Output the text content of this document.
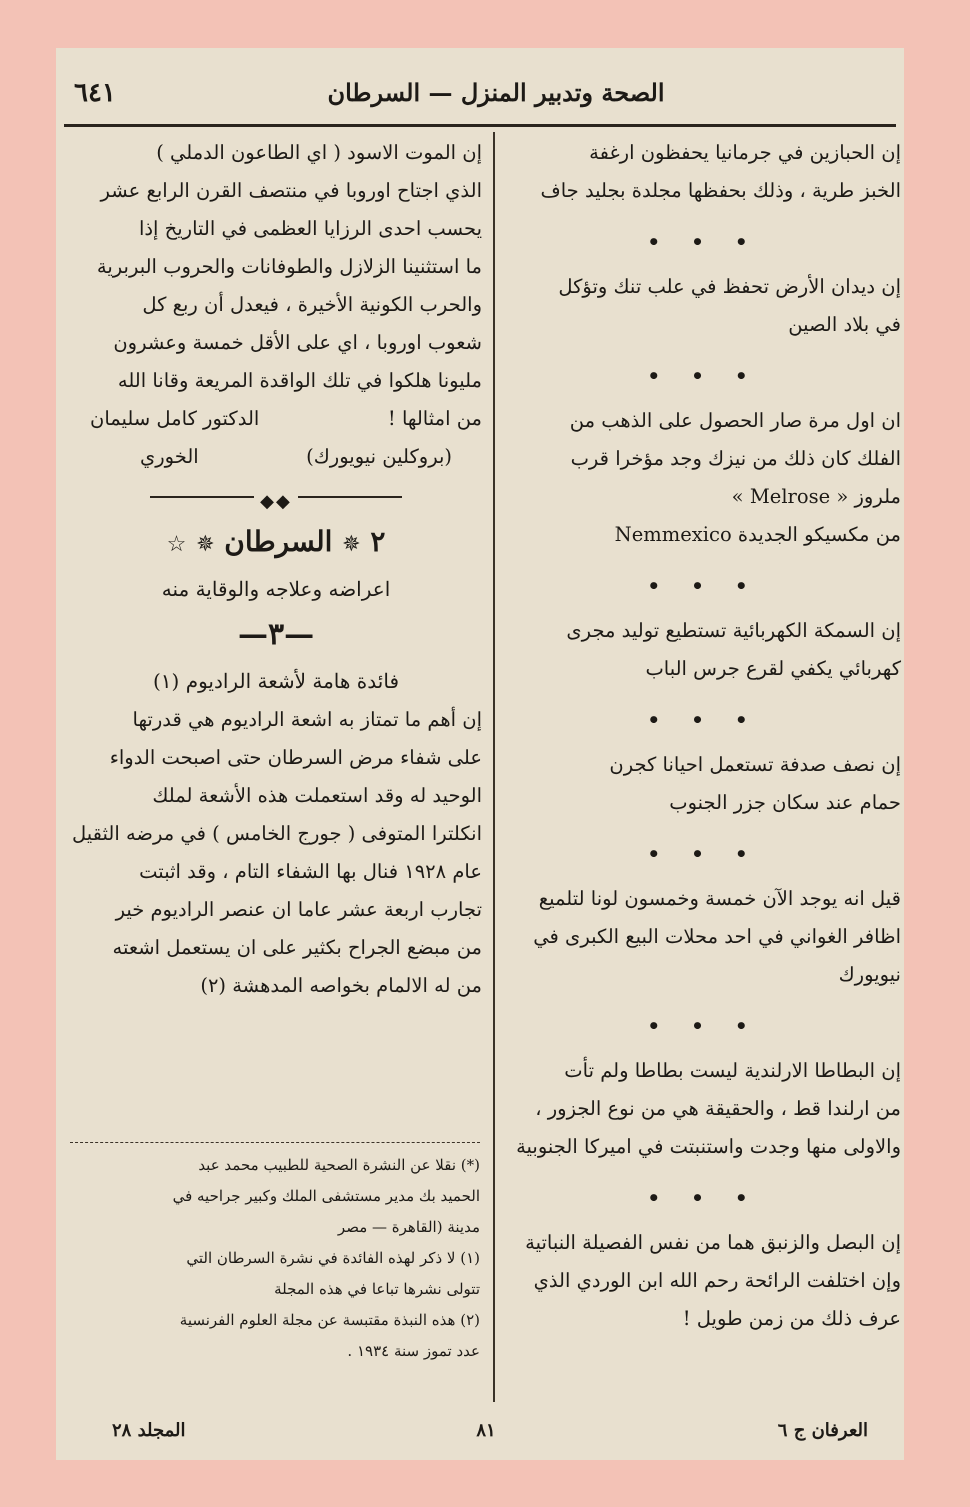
٦٤١	الصحة وتدبير المنزل — السرطان

إن الحبازين في جرمانيا يحفظون ارغفة

الخبز طرية ، وذلك بحفظها مجلدة بجليد جاف

• • •

إن ديدان الأرض تحفظ في علب تنك وتؤكل

في بلاد الصين

• • •

ان اول مرة صار الحصول على الذهب من

الفلك كان ذلك من نيزك وجد مؤخرا قرب

ملروز « Melrose »

من مكسيكو الجديدة Nemmexico

• • •

إن السمكة الكهربائية تستطيع توليد مجرى

كهربائي يكفي لقرع جرس الباب

• • •

إن نصف صدفة تستعمل احيانا كجرن

حمام عند سكان جزر الجنوب

• • •

قيل انه يوجد الآن خمسة وخمسون لونا لتلميع

اظافر الغواني في احد محلات البيع الكبرى في

نيويورك

• • •

إن البطاطا الارلندية ليست بطاطا ولم تأت

من ارلندا قط ، والحقيقة هي من نوع الجزور ،

والاولى منها وجدت واستنبتت في اميركا الجنوبية

• • •

إن البصل والزنبق هما من نفس الفصيلة النباتية

وإن اختلفت الرائحة رحم الله ابن الوردي الذي

عرف ذلك من زمن طويل !

إن الموت الاسود ( اي الطاعون الدملي )

الذي اجتاح اوروبا في منتصف القرن الرابع عشر

يحسب احدى الرزايا العظمى في التاريخ إذا

ما استثنينا الزلازل والطوفانات والحروب البربرية

والحرب الكونية الأخيرة ، فيعدل أن ربع كل

شعوب اوروبا ، اي على الأقل خمسة وعشرون

مليونا هلكوا في تلك الواقدة المريعة وقانا الله

من امثالها !
الدكتور كامل سليمان
(بروكلين نيويورك)
الخوري
◆◆
٢ ✵ السرطان ✵ ☆
اعراضه وعلاجه والوقاية منه
—٣—
فائدة هامة لأشعة الراديوم (١)

إن أهم ما تمتاز به اشعة الراديوم هي قدرتها

على شفاء مرض السرطان حتى اصبحت الدواء

الوحيد له وقد استعملت هذه الأشعة لملك

انكلترا المتوفى ( جورج الخامس ) في مرضه الثقيل

عام ١٩٢٨ فنال بها الشفاء التام ، وقد اثبتت

تجارب اربعة عشر عاما ان عنصر الراديوم خير

من مبضع الجراح بكثير على ان يستعمل اشعته

من له الالمام بخواصه المدهشة (٢)

(*) نقلا عن النشرة الصحية للطبيب محمد عبد

الحميد بك مدير مستشفى الملك وكبير جراحيه في

مدينة (القاهرة — مصر

(١) لا ذكر لهذه الفائدة في نشرة السرطان التي

تتولى نشرها تباعا في هذه المجلة

(٢) هذه النبذة مقتبسة عن مجلة العلوم الفرنسية

عدد تموز سنة ١٩٣٤ .

العرفان ج ٦
٨١
المجلد ٢٨
